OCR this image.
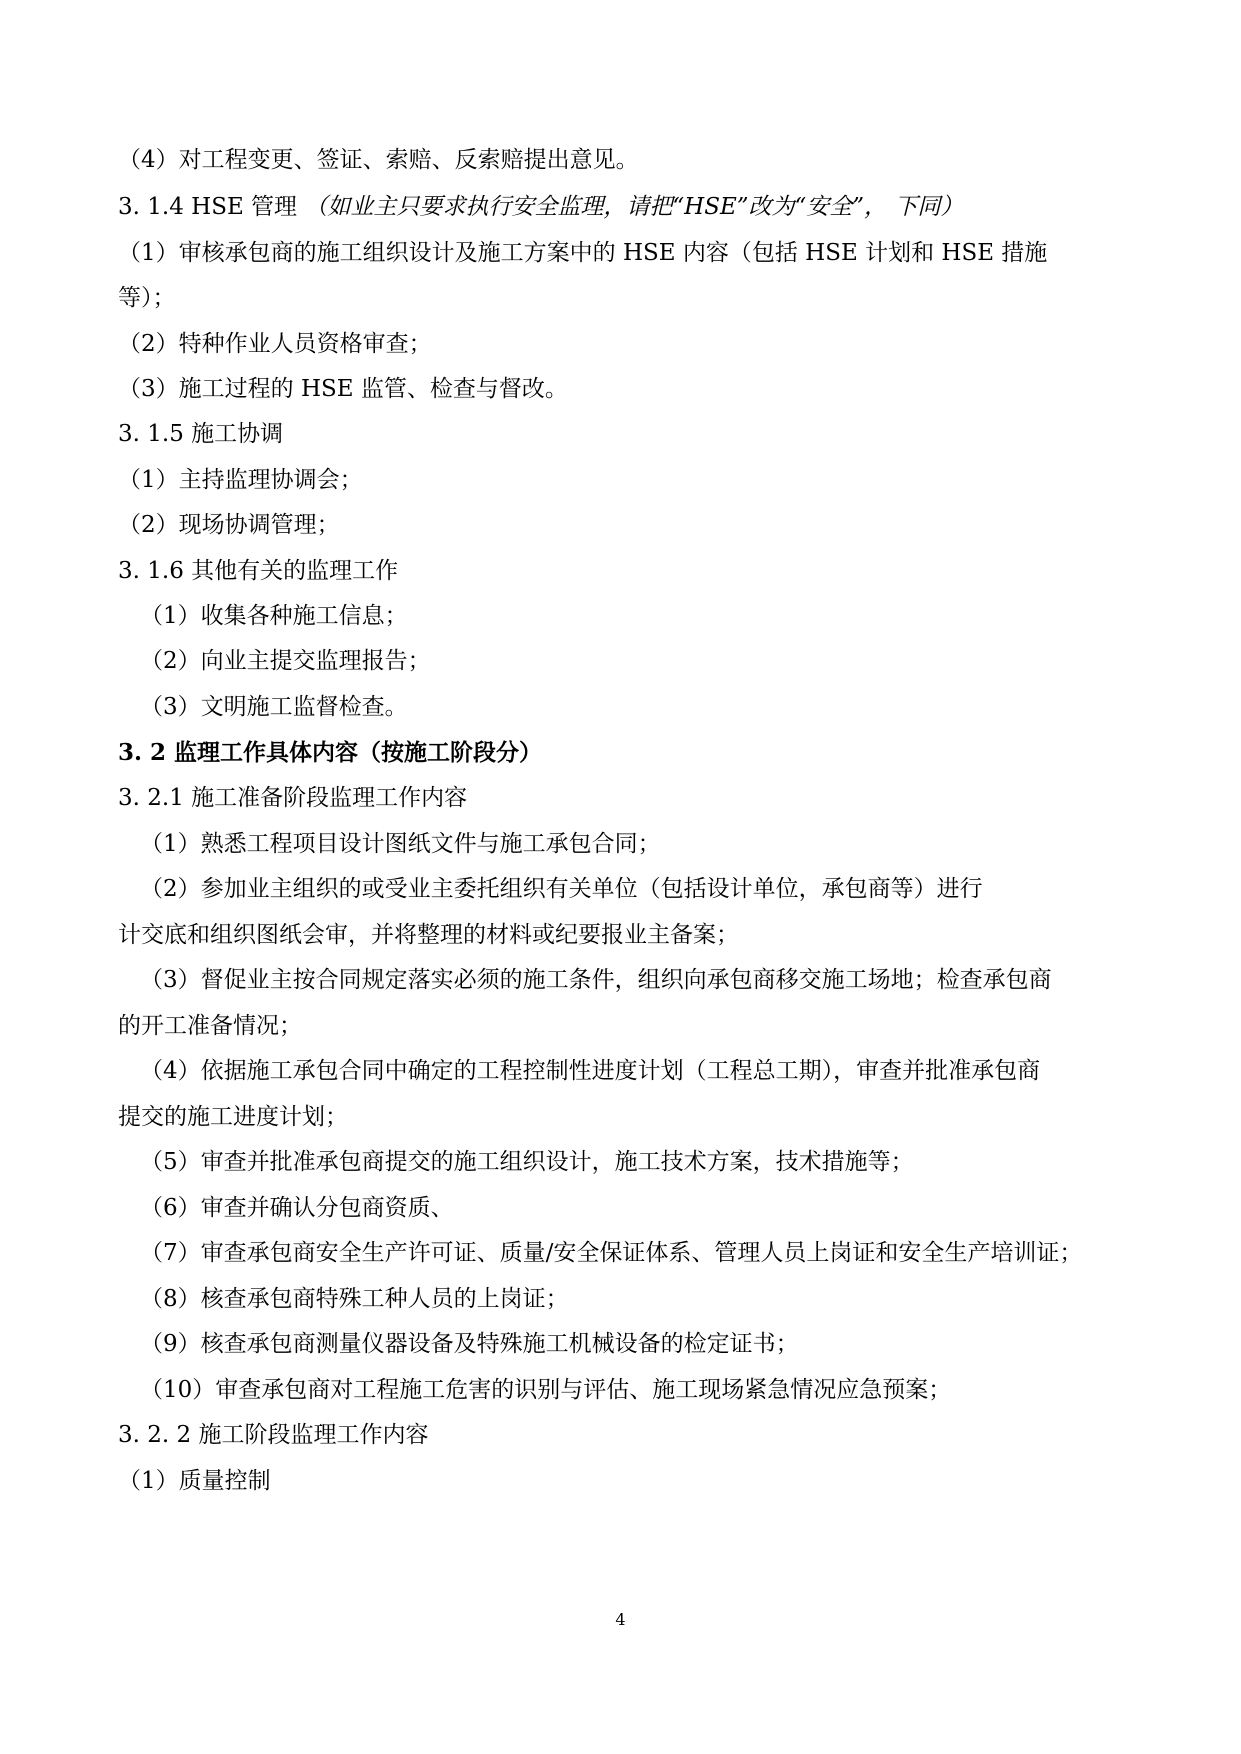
（4）对工程变更、签证、索赔、反索赔提出意见。
3. 1.4 HSE 管理 （如业主只要求执行安全监理，请把“HSE”改为“安全”， 下同）
（1）审核承包商的施工组织设计及施工方案中的 HSE 内容（包括 HSE 计划和 HSE 措施
等）；
（2）特种作业人员资格审查；
（3）施工过程的 HSE 监管、检查与督改。
3. 1.5 施工协调
（1）主持监理协调会；
（2）现场协调管理；
3. 1.6 其他有关的监理工作
（1）收集各种施工信息；
（2）向业主提交监理报告；
（3）文明施工监督检查。
3. 2 监理工作具体内容（按施工阶段分）
3. 2.1 施工准备阶段监理工作内容
（1）熟悉工程项目设计图纸文件与施工承包合同；
（2）参加业主组织的或受业主委托组织有关单位（包括设计单位，承包商等）进行
计交底和组织图纸会审，并将整理的材料或纪要报业主备案；
（3）督促业主按合同规定落实必须的施工条件，组织向承包商移交施工场地；检查承包商
的开工准备情况；
（4）依据施工承包合同中确定的工程控制性进度计划（工程总工期），审查并批准承包商
提交的施工进度计划；
（5）审查并批准承包商提交的施工组织设计，施工技术方案，技术措施等；
（6）审查并确认分包商资质、
（7）审查承包商安全生产许可证、质量/安全保证体系、管理人员上岗证和安全生产培训证；
（8）核查承包商特殊工种人员的上岗证；
（9）核查承包商测量仪器设备及特殊施工机械设备的检定证书；
（10）审查承包商对工程施工危害的识别与评估、施工现场紧急情况应急预案；
3. 2. 2 施工阶段监理工作内容
（1）质量控制
4
